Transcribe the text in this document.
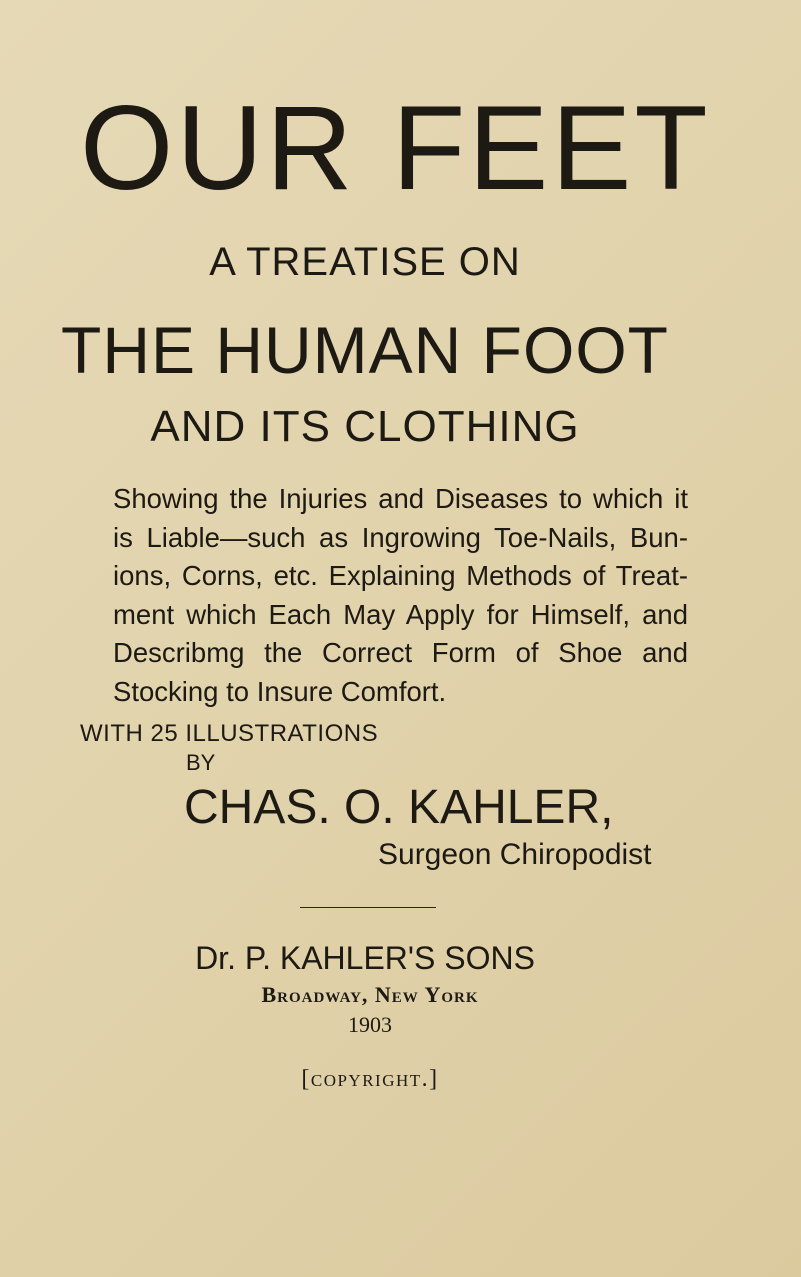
OUR FEET
A TREATISE ON
THE HUMAN FOOT
AND ITS CLOTHING
Showing the Injuries and Diseases to which it
is Liable—such as Ingrowing Toe-Nails, Bun-
ions, Corns, etc. Explaining Methods of Treat-
ment which Each May Apply for Himself, and
Describmg the Correct Form of Shoe and
Stocking to Insure Comfort.
WITH 25 ILLUSTRATIONS
BY
CHAS. O. KAHLER,
Surgeon Chiropodist
Dr. P. KAHLER'S SONS
Broadway, New York
1903
[copyright.]
